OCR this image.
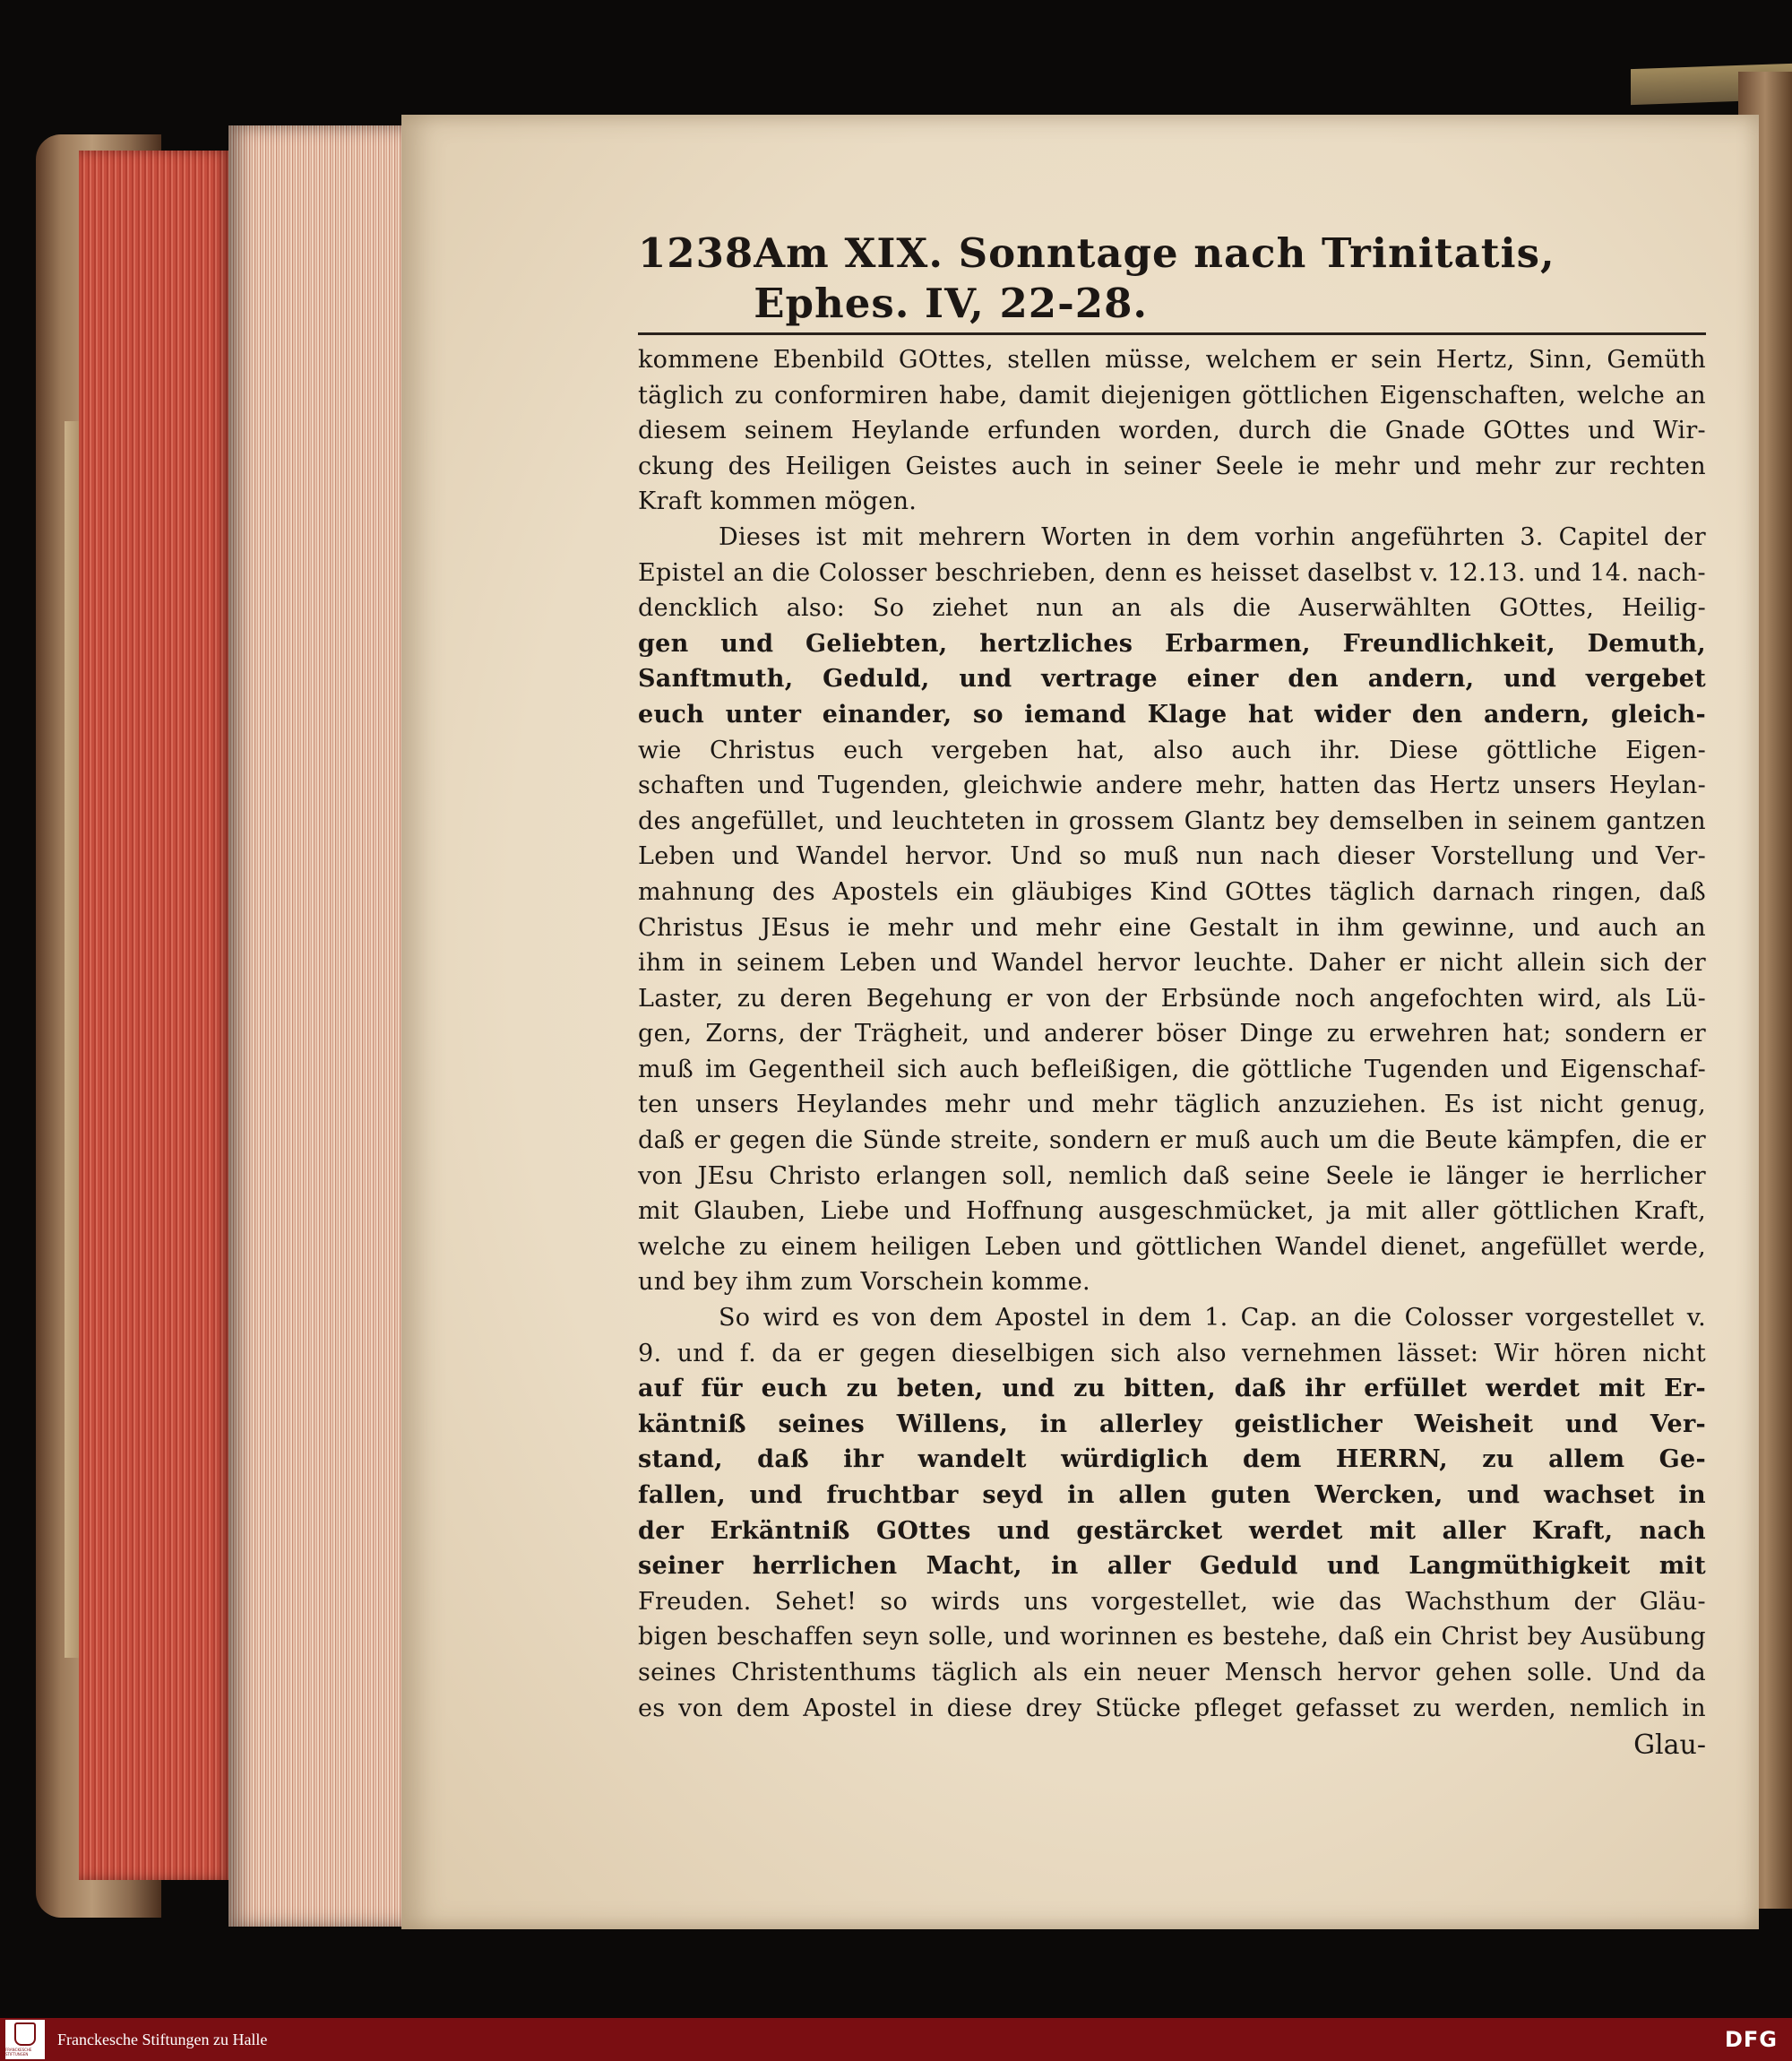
1238 Am XIX. Sonntage nach Trinitatis, Ephes. IV, 22-28.
kommene Ebenbild GOttes, stellen müsse, welchem er sein Hertz, Sinn, Gemüth
täglich zu conformiren habe, damit diejenigen göttlichen Eigenschaften, welche an
diesem seinem Heylande erfunden worden, durch die Gnade GOttes und Wir-
ckung des Heiligen Geistes auch in seiner Seele ie mehr und mehr zur rechten
Kraft kommen mögen.
Dieses ist mit mehrern Worten in dem vorhin angeführten 3. Capitel der
Epistel an die Colosser beschrieben, denn es heisset daselbst v. 12.13. und 14. nach-
dencklich also: So ziehet nun an als die Auserwählten GOttes, Heilig-
gen und Geliebten, hertzliches Erbarmen, Freundlichkeit, Demuth,
Sanftmuth, Geduld, und vertrage einer den andern, und vergebet
euch unter einander, so iemand Klage hat wider den andern, gleich-
wie Christus euch vergeben hat, also auch ihr. Diese göttliche Eigen-
schaften und Tugenden, gleichwie andere mehr, hatten das Hertz unsers Heylan-
des angefüllet, und leuchteten in grossem Glantz bey demselben in seinem gantzen
Leben und Wandel hervor. Und so muß nun nach dieser Vorstellung und Ver-
mahnung des Apostels ein gläubiges Kind GOttes täglich darnach ringen, daß
Christus JEsus ie mehr und mehr eine Gestalt in ihm gewinne, und auch an
ihm in seinem Leben und Wandel hervor leuchte. Daher er nicht allein sich der
Laster, zu deren Begehung er von der Erbsünde noch angefochten wird, als Lü-
gen, Zorns, der Trägheit, und anderer böser Dinge zu erwehren hat; sondern er
muß im Gegentheil sich auch befleißigen, die göttliche Tugenden und Eigenschaf-
ten unsers Heylandes mehr und mehr täglich anzuziehen. Es ist nicht genug,
daß er gegen die Sünde streite, sondern er muß auch um die Beute kämpfen, die er
von JEsu Christo erlangen soll, nemlich daß seine Seele ie länger ie herrlicher
mit Glauben, Liebe und Hoffnung ausgeschmücket, ja mit aller göttlichen Kraft,
welche zu einem heiligen Leben und göttlichen Wandel dienet, angefüllet werde,
und bey ihm zum Vorschein komme.
So wird es von dem Apostel in dem 1. Cap. an die Colosser vorgestellet v.
9. und f. da er gegen dieselbigen sich also vernehmen lässet: Wir hören nicht
auf für euch zu beten, und zu bitten, daß ihr erfüllet werdet mit Er-
käntniß seines Willens, in allerley geistlicher Weisheit und Ver-
stand, daß ihr wandelt würdiglich dem HERRN, zu allem Ge-
fallen, und fruchtbar seyd in allen guten Wercken, und wachset in
der Erkäntniß GOttes und gestärcket werdet mit aller Kraft, nach
seiner herrlichen Macht, in aller Geduld und Langmüthigkeit mit
Freuden. Sehet! so wirds uns vorgestellet, wie das Wachsthum der Gläu-
bigen beschaffen seyn solle, und worinnen es bestehe, daß ein Christ bey Ausübung
seines Christenthums täglich als ein neuer Mensch hervor gehen solle. Und da
es von dem Apostel in diese drey Stücke pfleget gefasset zu werden, nemlich in
Glau-
FRANCKESCHE STIFTUNGEN
Franckesche Stiftungen zu Halle	DFG
